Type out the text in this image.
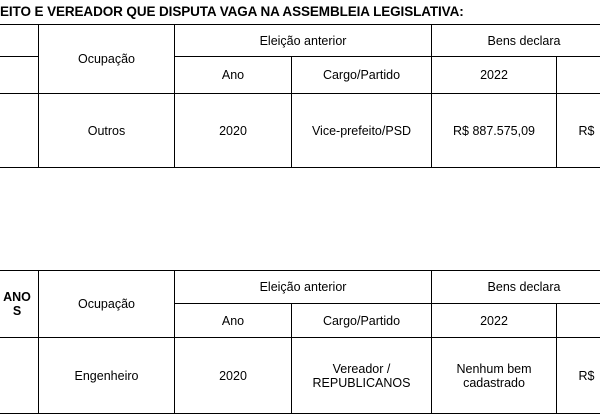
EITO E VEREADOR QUE DISPUTA VAGA NA ASSEMBLEIA LEGISLATIVA:
	Ocupação	Eleição anterior		Bens declara	
		Ano	Cargo/Partido	2022	
	Outros	2020	Vice-prefeito/PSD	R$ 887.575,09	R$
ANOS	Ocupação	Eleição anterior		Bens declara	
		Ano	Cargo/Partido	2022	
	Engenheiro	2020	Vereador / REPUBLICANOS	Nenhum bem cadastrado	R$
